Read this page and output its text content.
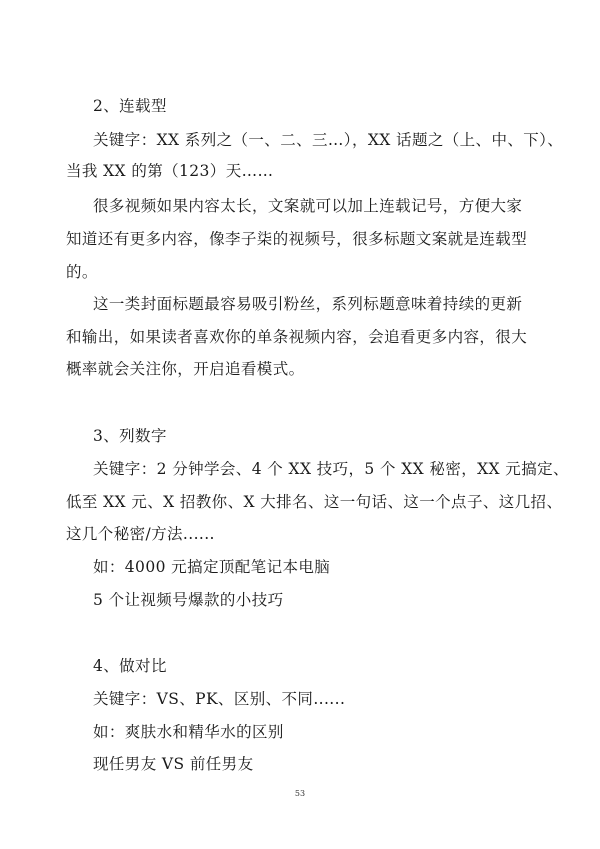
2、连载型
关键字：XX 系列之（一、二、三…），XX 话题之（上、中、下）、
当我 XX 的第（123）天……
很多视频如果内容太长，文案就可以加上连载记号，方便大家
知道还有更多内容，像李子柒的视频号，很多标题文案就是连载型
的。
这一类封面标题最容易吸引粉丝，系列标题意味着持续的更新
和输出，如果读者喜欢你的单条视频内容，会追看更多内容，很大
概率就会关注你，开启追看模式。
3、列数字
关键字：2 分钟学会、4 个 XX 技巧，5 个 XX 秘密，XX 元搞定、
低至 XX 元、X 招教你、X 大排名、这一句话、这一个点子、这几招、
这几个秘密/方法......
如：4000 元搞定顶配笔记本电脑
5 个让视频号爆款的小技巧
4、做对比
关键字：VS、PK、区别、不同......
如：爽肤水和精华水的区别
现任男友 VS 前任男友
53
